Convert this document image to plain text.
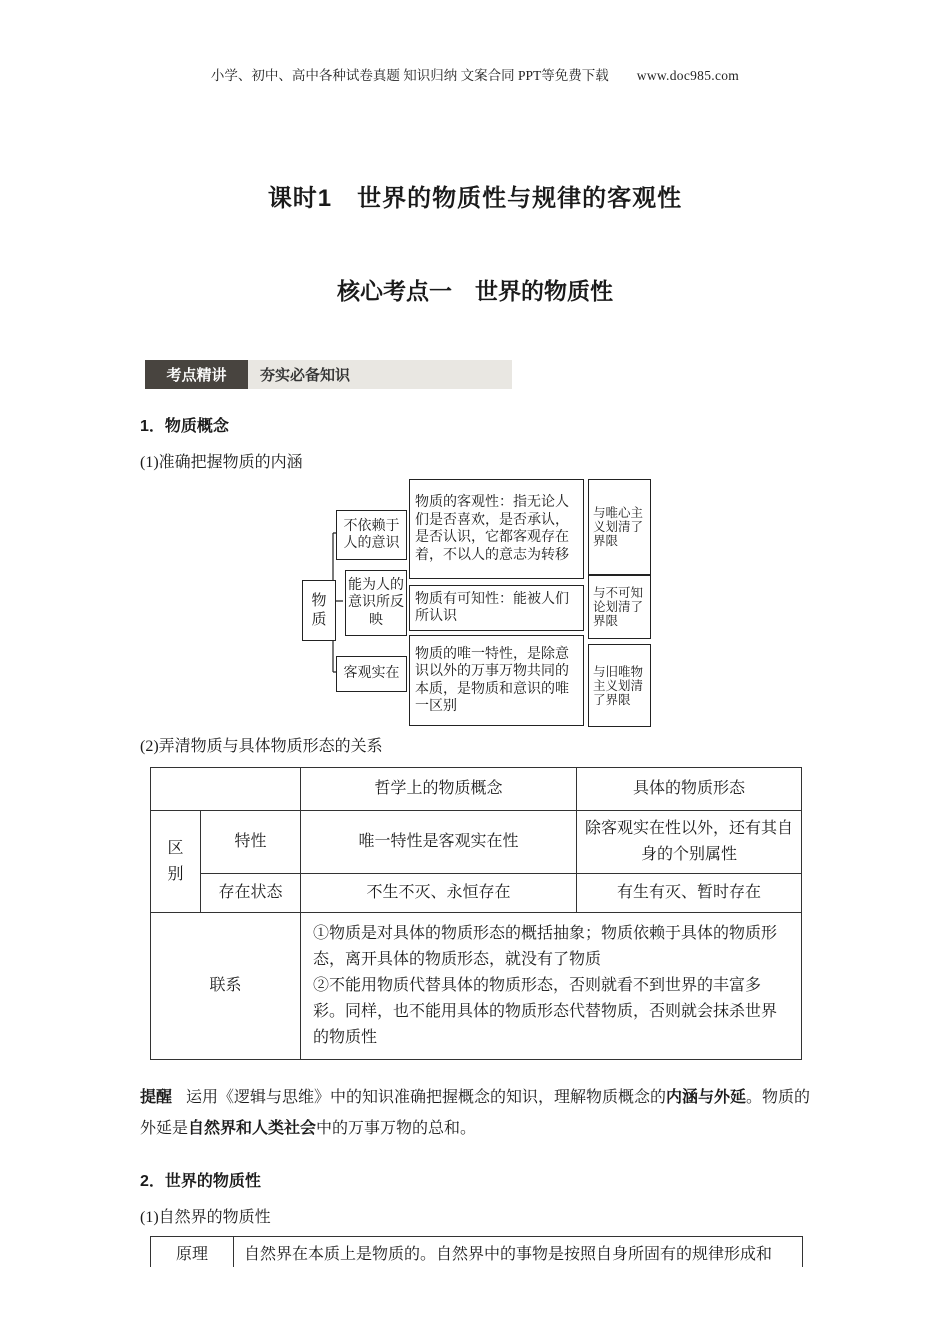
小学、初中、高中各种试卷真题 知识归纳 文案合同 PPT等免费下载 www.doc985.com
课时1　世界的物质性与规律的客观性
核心考点一　世界的物质性
考点精讲	夯实必备知识
1．物质概念
(1)准确把握物质的内涵
物质
不依赖于人的意识
能为人的意识所反映
客观实在
物质的客观性：指无论人们是否喜欢，是否承认，是否认识，它都客观存在着，不以人的意志为转移
物质有可知性：能被人们所认识
物质的唯一特性，是除意识以外的万事万物共同的本质，是物质和意识的唯一区别
与唯心主义划清了界限
与不可知论划清了界限
与旧唯物主义划清了界限
(2)弄清物质与具体物质形态的关系
		哲学上的物质概念	具体的物质形态

区别	特性	唯一特性是客观实在性	除客观实在性以外，还有其自身的个别属性
	存在状态	不生不灭、永恒存在	有生有灭、暂时存在
联系		①物质是对具体的物质形态的概括抽象；物质依赖于具体的物质形态，离开具体的物质形态，就没有了物质
②不能用物质代替具体的物质形态，否则就看不到世界的丰富多彩。同样，也不能用具体的物质形态代替物质，否则就会抹杀世界的物质性	

提醒 运用《逻辑与思维》中的知识准确把握概念的知识，理解物质概念的内涵与外延。物质的外延是自然界和人类社会中的万事万物的总和。

2．世界的物质性
(1)自然界的物质性
原理	自然界在本质上是物质的。自然界中的事物是按照自身所固有的规律形成和
